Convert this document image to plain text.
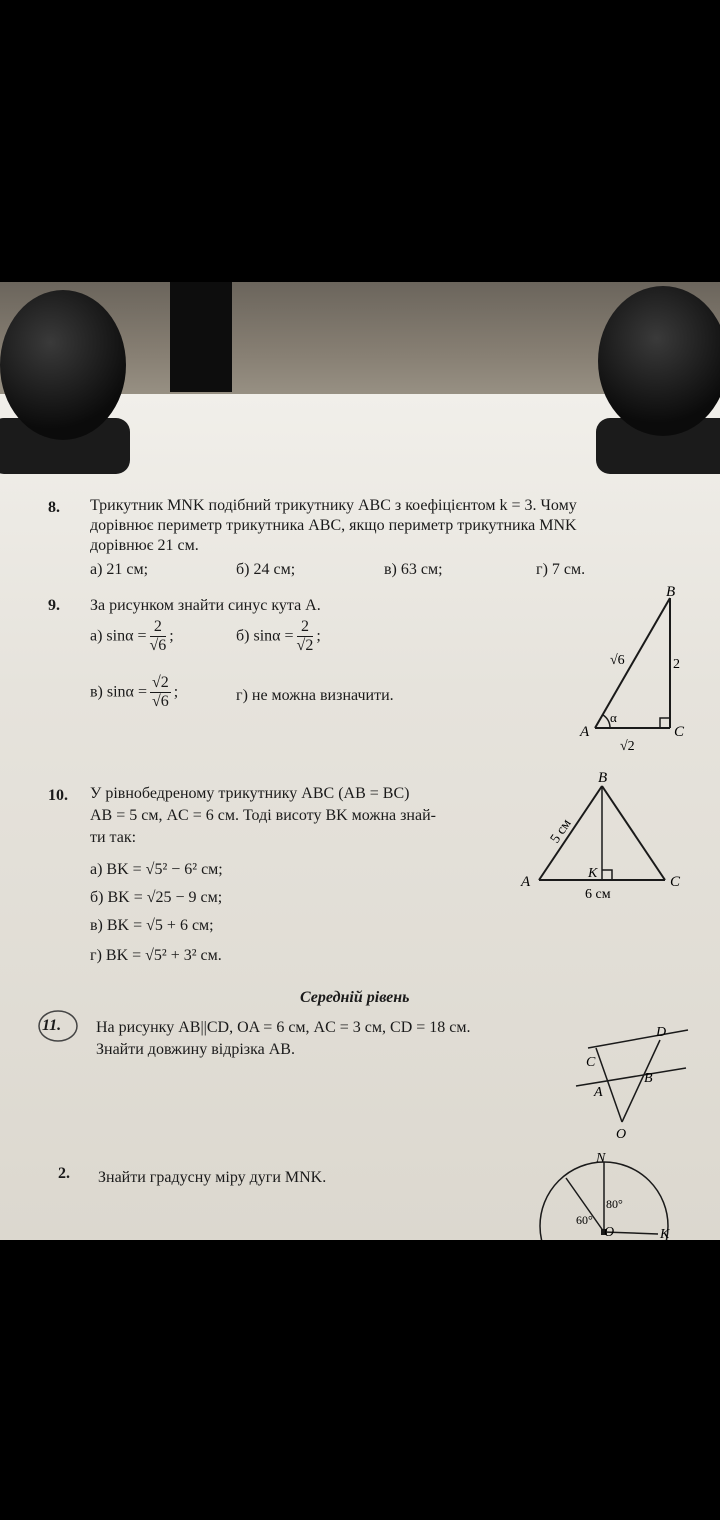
8. Трикутник MNK подібний трикутнику ABC з коефіцієнтом k = 3. Чому
дорівнює периметр трикутника ABC, якщо периметр трикутника MNK
дорівнює 21 см.
а) 21 см;	б) 24 см;	в) 63 см;	г) 7 см.
9. За рисунком знайти синус кута A.
а) $\sin\alpha = \frac{2}{√6}$ ;	б) $\sin\alpha = \frac{2}{√2}$ ;
в) $\sin\alpha = \frac{√2}{√6}$ ;	г) не можна визначити.
B
A	C
√6	2
√2
α
10. У рівнобедреному трикутнику ABC (AB = BC)
AB = 5 см, AC = 6 см. Тоді висоту BK можна знай-
ти так:
а) BK = √5² − 6² см;
б) BK = √25 − 9 см;
в) BK = √5 + 6 см;
г) BK = √5² + 3² см.
B
A	C
K
6 см
5 см
Середній рівень
11. На рисунку AB||CD, OA = 6 см, AC = 3 см, CD = 18 см.
Знайти довжину відрізка AB.
D
C
B
A
O
2. Знайти градусну міру дуги MNK.
N
O	K
80°
60°
